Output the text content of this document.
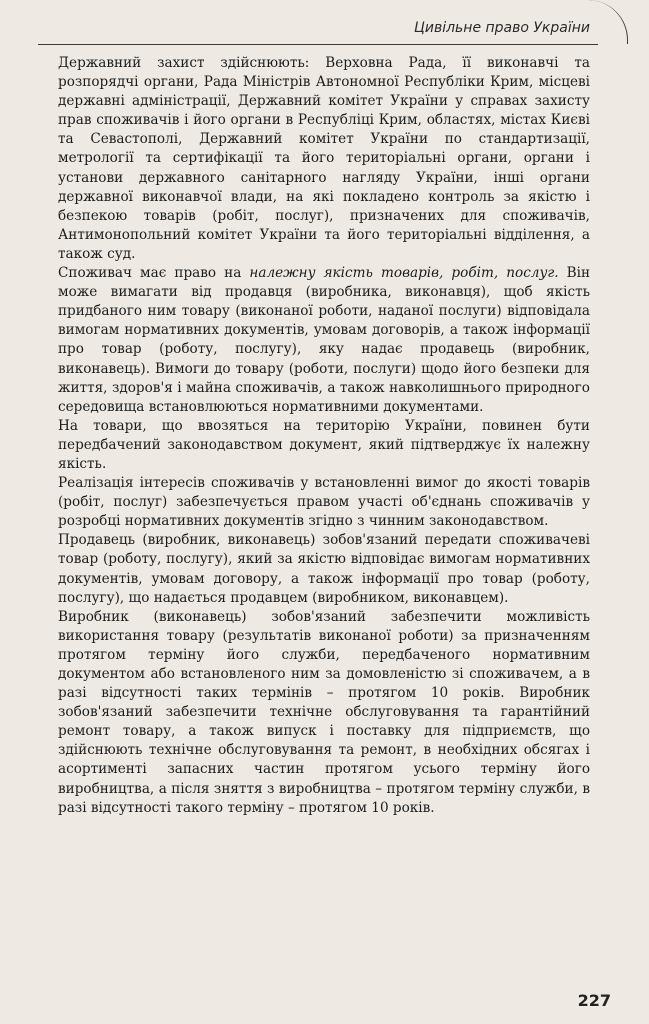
Цивільне право України

Державний захист здійснюють: Верховна Рада, її виконавчі та розпорядчі органи, Рада Міністрів Автономної Республіки Крим, місцеві державні адміністрації, Державний комітет України у справах захисту прав споживачів і його органи в Республіці Крим, областях, містах Києві та Севастополі, Державний комітет України по стандартизації, метрології та сертифікації та його територіальні органи, органи і установи державного санітарного нагляду України, інші органи державної виконавчої влади, на які покладено контроль за якістю і безпекою товарів (робіт, послуг), призначених для споживачів, Антимонопольний комітет України та його територіальні відділення, а також суд.

Споживач має право на належну якість товарів, робіт, послуг. Він може вимагати від продавця (виробника, виконавця), щоб якість придбаного ним товару (виконаної роботи, наданої послуги) відповідала вимогам нормативних документів, умовам договорів, а також інформації про товар (роботу, послугу), яку надає продавець (виробник, виконавець). Вимоги до товару (роботи, послуги) щодо його безпеки для життя, здоров'я і майна споживачів, а також навколишнього природного середовища встановлюються нормативними документами.

На товари, що ввозяться на територію України, повинен бути передбачений законодавством документ, який підтверджує їх належну якість.

Реалізація інтересів споживачів у встановленні вимог до якості товарів (робіт, послуг) забезпечується правом участі об'єднань споживачів у розробці нормативних документів згідно з чинним законодавством.

Продавець (виробник, виконавець) зобов'язаний передати споживачеві товар (роботу, послугу), який за якістю відповідає вимогам нормативних документів, умовам договору, а також інформації про товар (роботу, послугу), що надається продавцем (виробником, виконавцем).

Виробник (виконавець) зобов'язаний забезпечити можливість використання товару (результатів виконаної роботи) за призначенням протягом терміну його служби, передбаченого нормативним документом або встановленого ним за домовленістю зі споживачем, а в разі відсутності таких термінів – протягом 10 років. Виробник зобов'язаний забезпечити технічне обслуговування та гарантійний ремонт товару, а також випуск і поставку для підприємств, що здійснюють технічне обслуговування та ремонт, в необхідних обсягах і асортименті запасних частин протягом усього терміну його виробництва, а після зняття з виробництва – протягом терміну служби, в разі відсутності такого терміну – протягом 10 років.

227
